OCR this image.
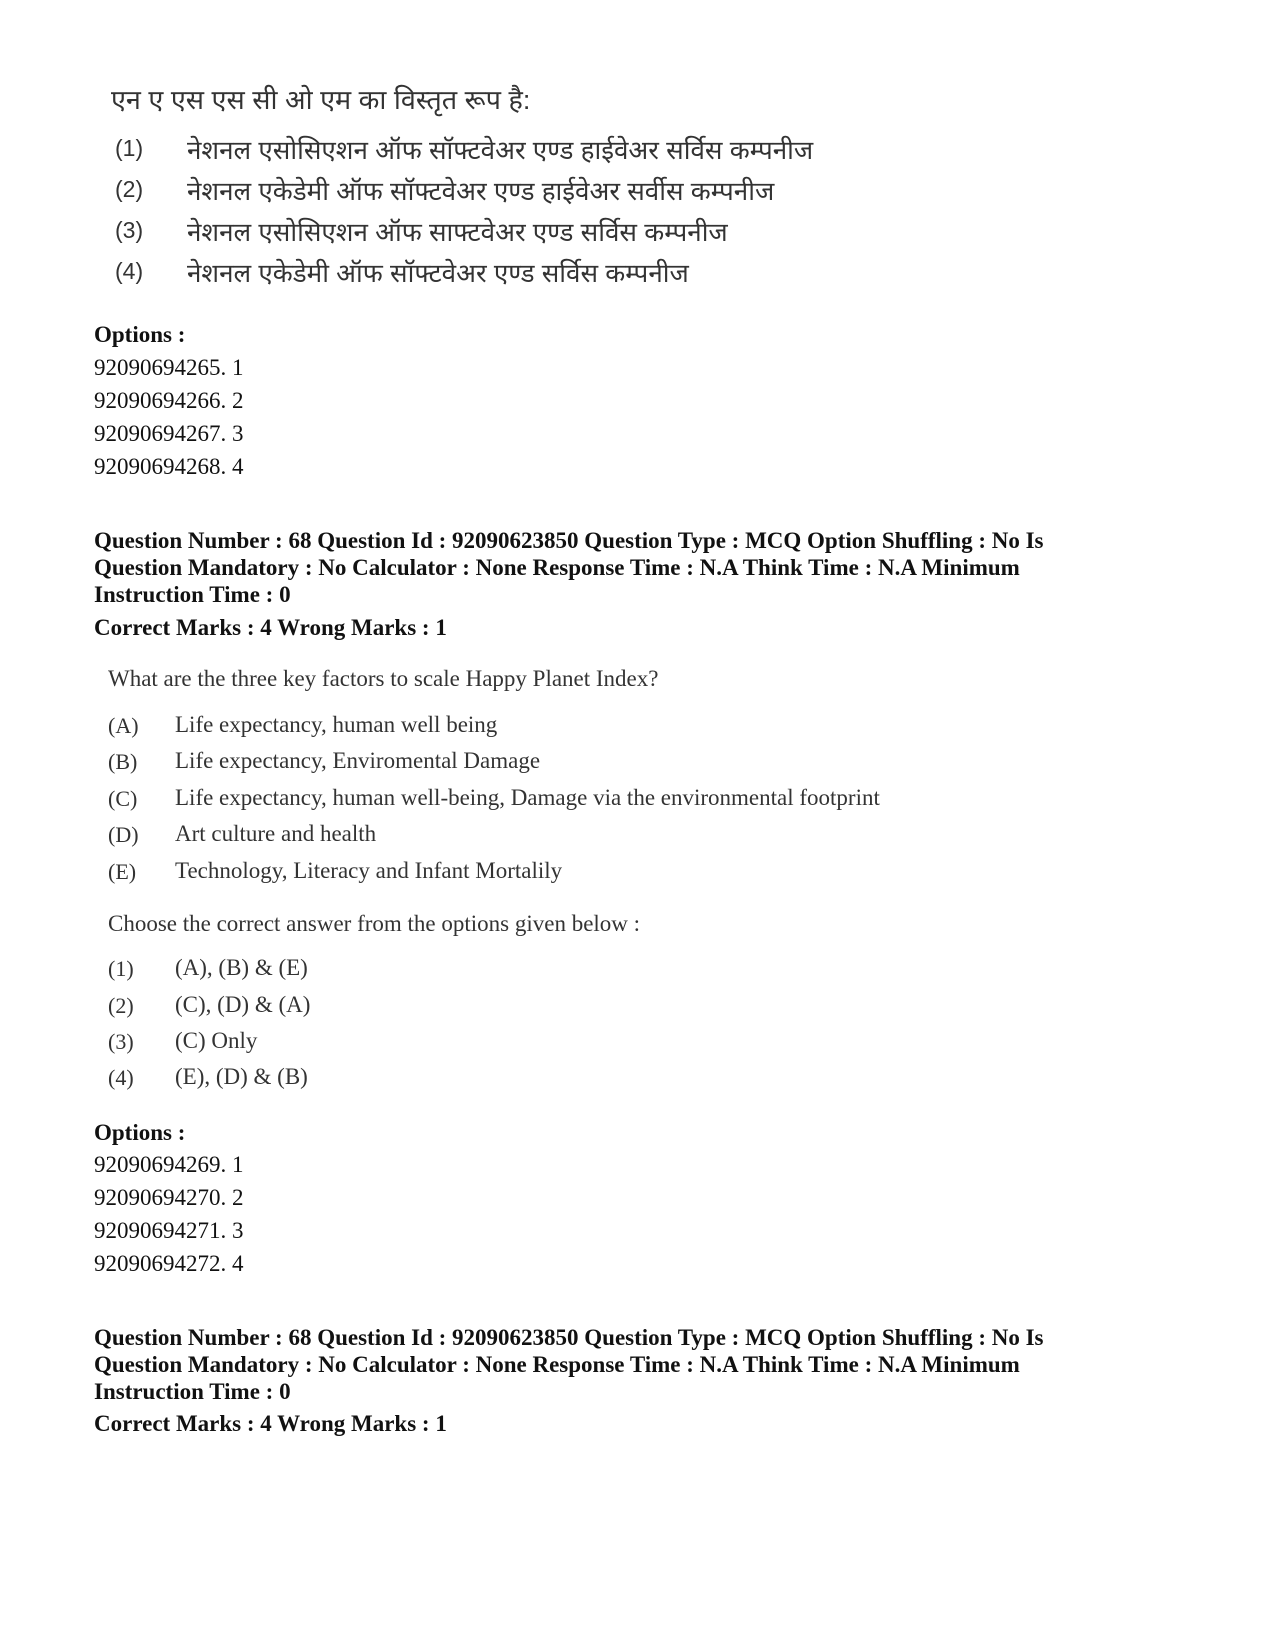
एन ए एस एस सी ओ एम का विस्तृत रूप है:
(1) नेशनल एसोसिएशन ऑफ सॉफ्टवेअर एण्ड हाईवेअर सर्विस कम्पनीज
(2) नेशनल एकेडेमी ऑफ सॉफ्टवेअर एण्ड हाईवेअर सर्वीस कम्पनीज
(3) नेशनल एसोसिएशन ऑफ साफ्टवेअर एण्ड सर्विस कम्पनीज
(4) नेशनल एकेडेमी ऑफ सॉफ्टवेअर एण्ड सर्विस कम्पनीज
Options :
92090694265. 1
92090694266. 2
92090694267. 3
92090694268. 4
Question Number : 68 Question Id : 92090623850 Question Type : MCQ Option Shuffling : No Is
Question Mandatory : No Calculator : None Response Time : N.A Think Time : N.A Minimum
Instruction Time : 0
Correct Marks : 4 Wrong Marks : 1
What are the three key factors to scale Happy Planet Index?
(A) Life expectancy, human well being
(B) Life expectancy, Enviromental Damage
(C) Life expectancy, human well-being, Damage via the environmental footprint
(D) Art culture and health
(E) Technology, Literacy and Infant Mortalily
Choose the correct answer from the options given below :
(1) (A), (B) & (E)
(2) (C), (D) & (A)
(3) (C) Only
(4) (E), (D) & (B)
Options :
92090694269. 1
92090694270. 2
92090694271. 3
92090694272. 4
Question Number : 68 Question Id : 92090623850 Question Type : MCQ Option Shuffling : No Is
Question Mandatory : No Calculator : None Response Time : N.A Think Time : N.A Minimum
Instruction Time : 0
Correct Marks : 4 Wrong Marks : 1
